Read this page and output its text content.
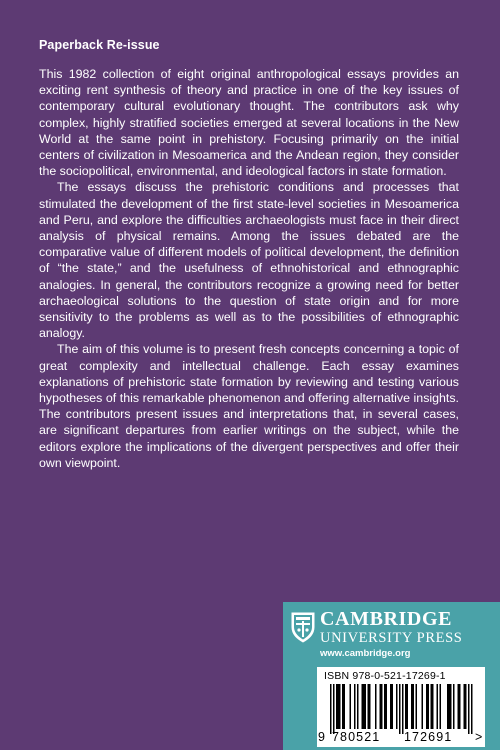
Paperback Re-issue

This 1982 collection of eight original anthropological essays provides an exciting rent synthesis of theory and practice in one of the key issues of contemporary cultural evolutionary thought. The contributors ask why complex, highly stratified societies emerged at several locations in the New World at the same point in prehistory. Focusing primarily on the initial centers of civilization in Mesoamerica and the Andean region, they consider the sociopolitical, environmental, and ideological factors in state formation.

The essays discuss the prehistoric conditions and processes that stimulated the development of the first state-level societies in Mesoamerica and Peru, and explore the difficulties archaeologists must face in their direct analysis of physical remains. Among the issues debated are the comparative value of different models of political development, the definition of “the state,” and the usefulness of ethnohistorical and ethnographic analogies. In general, the contributors recognize a growing need for better archaeological solutions to the question of state origin and for more sensitivity to the problems as well as to the possibilities of ethnographic analogy.

The aim of this volume is to present fresh concepts concerning a topic of great complexity and intellectual challenge. Each essay examines explanations of prehistoric state formation by reviewing and testing various hypotheses of this remarkable phenomenon and offering alternative insights. The contributors present issues and interpretations that, in several cases, are significant departures from earlier writings on the subject, while the editors explore the implications of the divergent perspectives and offer their own viewpoint.

CAMBRIDGE
UNIVERSITY PRESS
www.cambridge.org
ISBN 978-0-521-17269-1
9 780521 172691 >
